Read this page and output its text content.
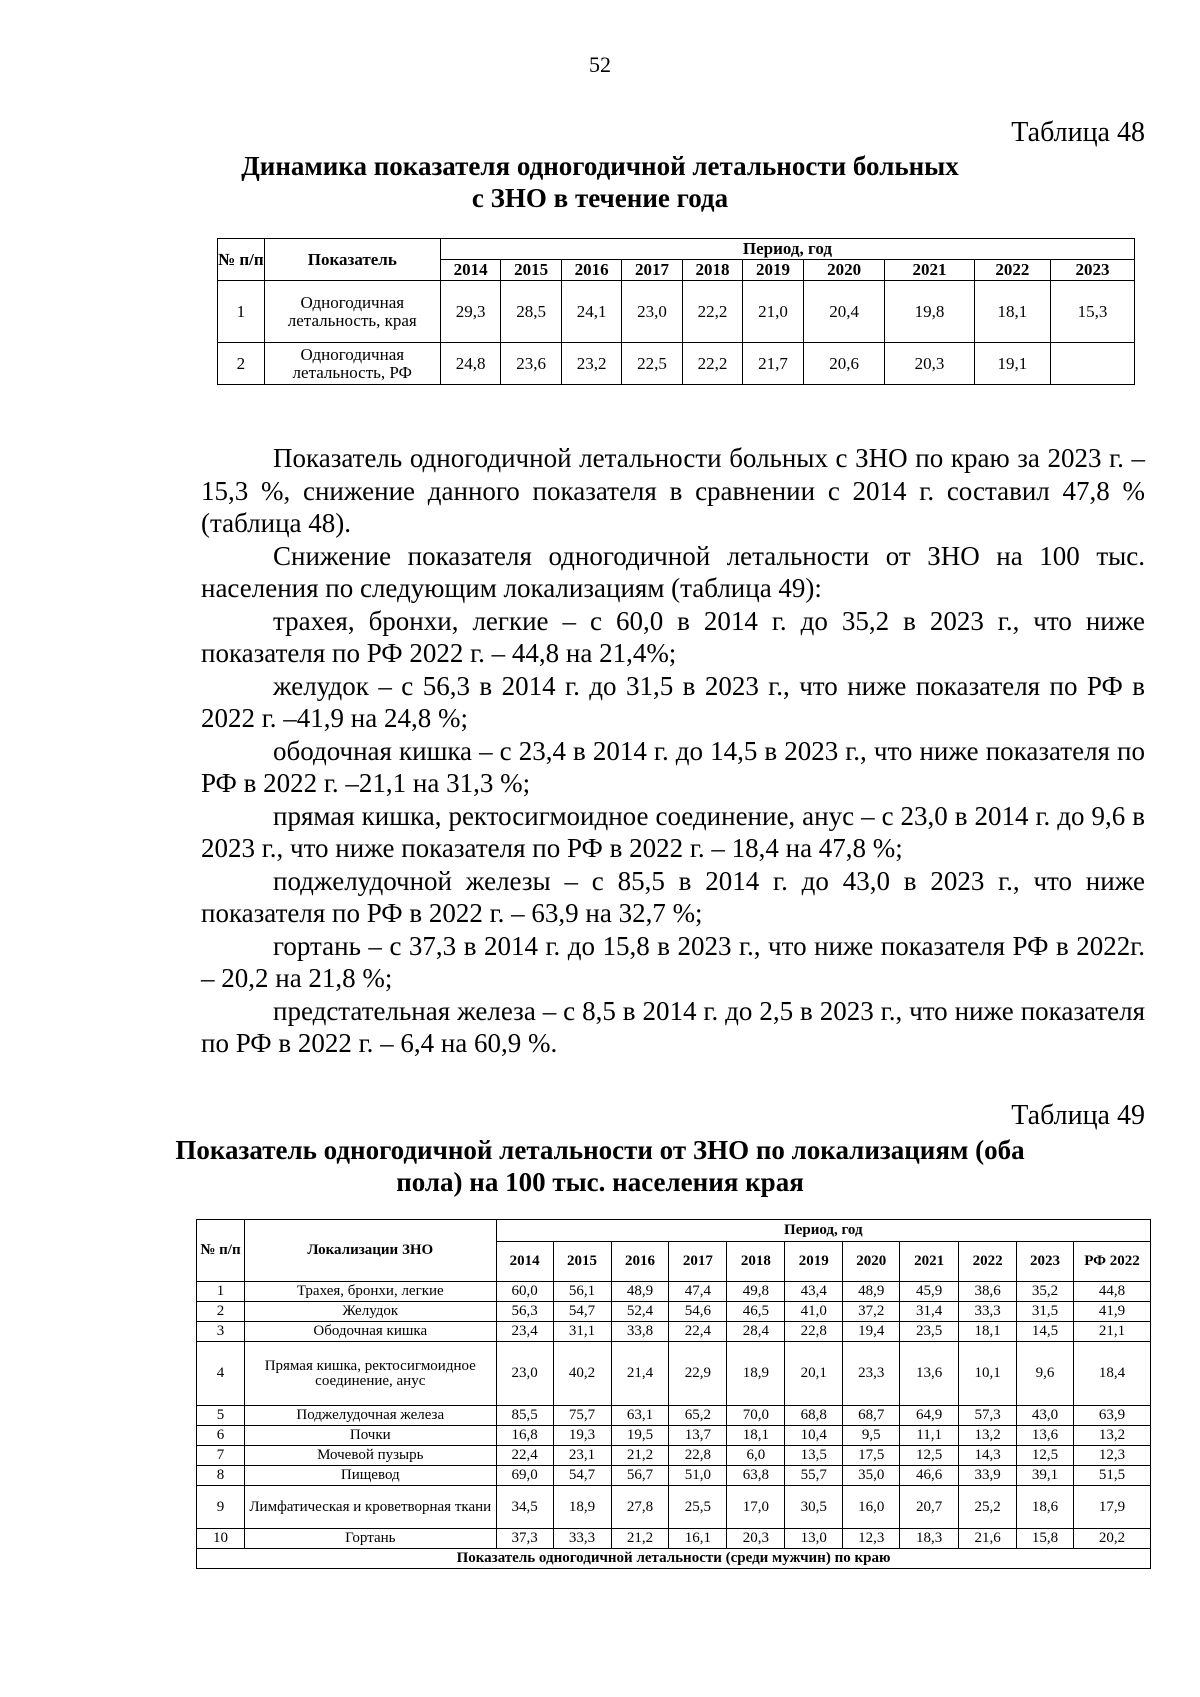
52
Таблица 48
Динамика показателя одногодичной летальности больных
с ЗНО в течение года
№ п/п	Показатель	Период, год									
		2014	2015	2016	2017	2018	2019	2020	2021	2022	2023
1	Одногодичная летальность, края	29,3	28,5	24,1	23,0	22,2	21,0	20,4	19,8	18,1	15,3
2	Одногодичная летальность, РФ	24,8	23,6	23,2	22,5	22,2	21,7	20,6	20,3	19,1	

Показатель одногодичной летальности больных с ЗНО по краю за 2023 г. – 15,3 %, снижение данного показателя в сравнении с 2014 г. составил 47,8 % (таблица 48).

Снижение показателя одногодичной летальности от ЗНО на 100 тыс. населения по следующим локализациям (таблица 49):

трахея, бронхи, легкие – с 60,0 в 2014 г. до 35,2 в 2023 г., что ниже показателя по РФ 2022 г. – 44,8 на 21,4%;

желудок – с 56,3 в 2014 г. до 31,5 в 2023 г., что ниже показателя по РФ в 2022 г. –41,9 на 24,8 %;

ободочная кишка – с 23,4 в 2014 г. до 14,5 в 2023 г., что ниже показателя по РФ в 2022 г. –21,1 на 31,3 %;

прямая кишка, ректосигмоидное соединение, анус – с 23,0 в 2014 г. до 9,6 в 2023 г., что ниже показателя по РФ в 2022 г. – 18,4 на 47,8 %;

поджелудочной железы – с 85,5 в 2014 г. до 43,0 в 2023 г., что ниже показателя по РФ в 2022 г. – 63,9 на 32,7 %;

гортань – с 37,3 в 2014 г. до 15,8 в 2023 г., что ниже показателя РФ в 2022г. – 20,2 на 21,8 %;

предстательная железа – с 8,5 в 2014 г. до 2,5 в 2023 г., что ниже показателя по РФ в 2022 г. – 6,4 на 60,9 %.

Таблица 49
Показатель одногодичной летальности от ЗНО по локализациям (оба
пола) на 100 тыс. населения края
№ п/п	Локализации ЗНО	Период, год										
		2014	2015	2016	2017	2018	2019	2020	2021	2022	2023	РФ 2022
1	Трахея, бронхи, легкие	60,0	56,1	48,9	47,4	49,8	43,4	48,9	45,9	38,6	35,2	44,8
2	Желудок	56,3	54,7	52,4	54,6	46,5	41,0	37,2	31,4	33,3	31,5	41,9
3	Ободочная кишка	23,4	31,1	33,8	22,4	28,4	22,8	19,4	23,5	18,1	14,5	21,1
4	Прямая кишка, ректосигмоидное соединение, анус	23,0	40,2	21,4	22,9	18,9	20,1	23,3	13,6	10,1	9,6	18,4
5	Поджелудочная железа	85,5	75,7	63,1	65,2	70,0	68,8	68,7	64,9	57,3	43,0	63,9
6	Почки	16,8	19,3	19,5	13,7	18,1	10,4	9,5	11,1	13,2	13,6	13,2
7	Мочевой пузырь	22,4	23,1	21,2	22,8	6,0	13,5	17,5	12,5	14,3	12,5	12,3
8	Пищевод	69,0	54,7	56,7	51,0	63,8	55,7	35,0	46,6	33,9	39,1	51,5
9	Лимфатическая и кроветворная ткани	34,5	18,9	27,8	25,5	17,0	30,5	16,0	20,7	25,2	18,6	17,9
10	Гортань	37,3	33,3	21,2	16,1	20,3	13,0	12,3	18,3	21,6	15,8	20,2
Показатель одногодичной летальности (среди мужчин) по краю												
